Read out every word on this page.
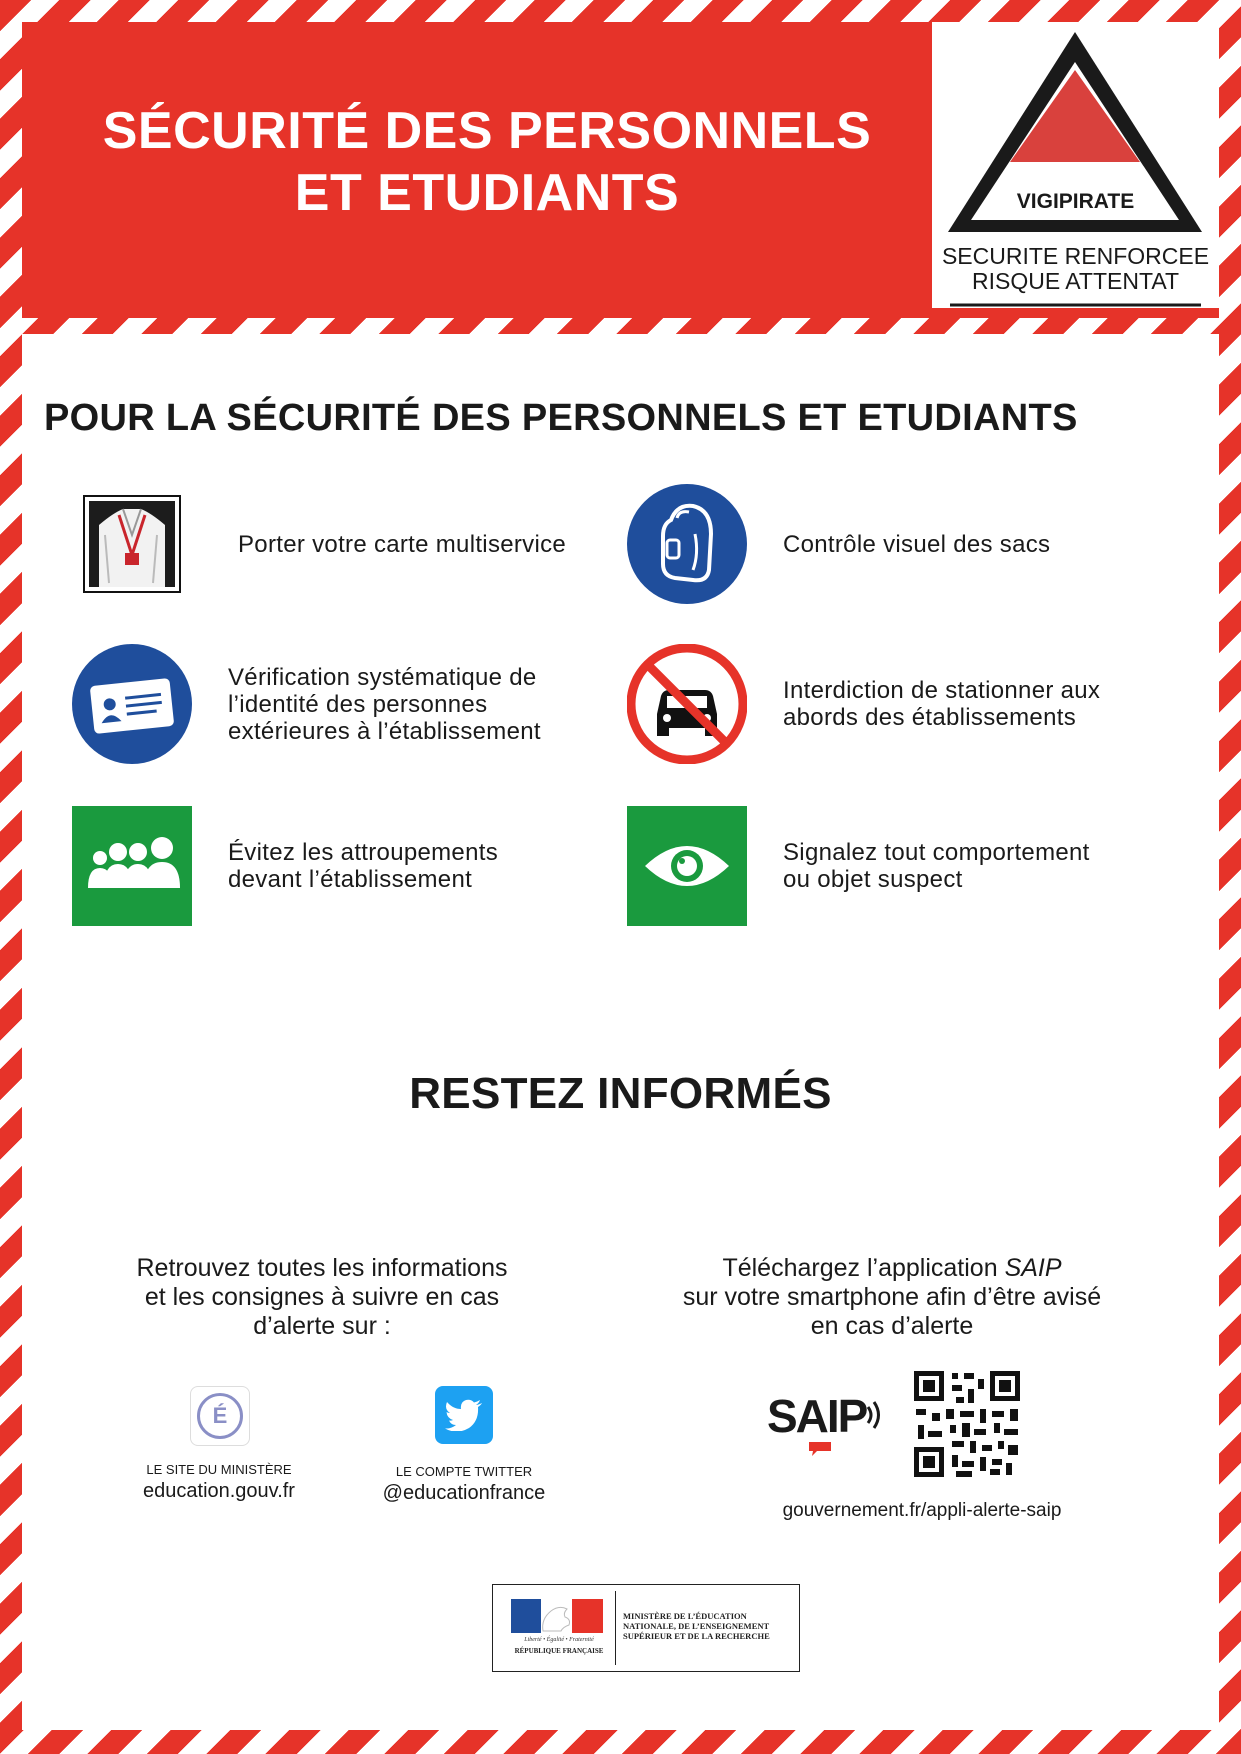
SÉCURITÉ DES PERSONNELS
ET ETUDIANTS	VIGIPIRATE
SECURITE RENFORCEE
RISQUE ATTENTAT
POUR LA SÉCURITÉ DES PERSONNELS ET ETUDIANTS
Porter votre carte multiservice	Contrôle visuel des sacs
Vérification systématique de
l’identité des personnes
extérieures à l’établissement
Interdiction de stationner aux
abords des établissements
Évitez les attroupements
devant l’établissement
Signalez tout comportement
ou objet suspect
RESTEZ INFORMÉS
Retrouvez toutes les informations
et les consignes à suivre en cas
d’alerte sur :
Téléchargez l’application SAIP
sur votre smartphone afin d’être avisé
en cas d’alerte
É
LE SITE DU MINISTÈRE
education.gouv.fr
LE COMPTE TWITTER
@educationfrance
SAIP
gouvernement.fr/appli-alerte-saip
Liberté • Égalité • Fraternité
RÉPUBLIQUE FRANÇAISE
MINISTÈRE DE L’ÉDUCATION NATIONALE, DE L’ENSEIGNEMENT SUPÉRIEUR ET DE LA RECHERCHE
